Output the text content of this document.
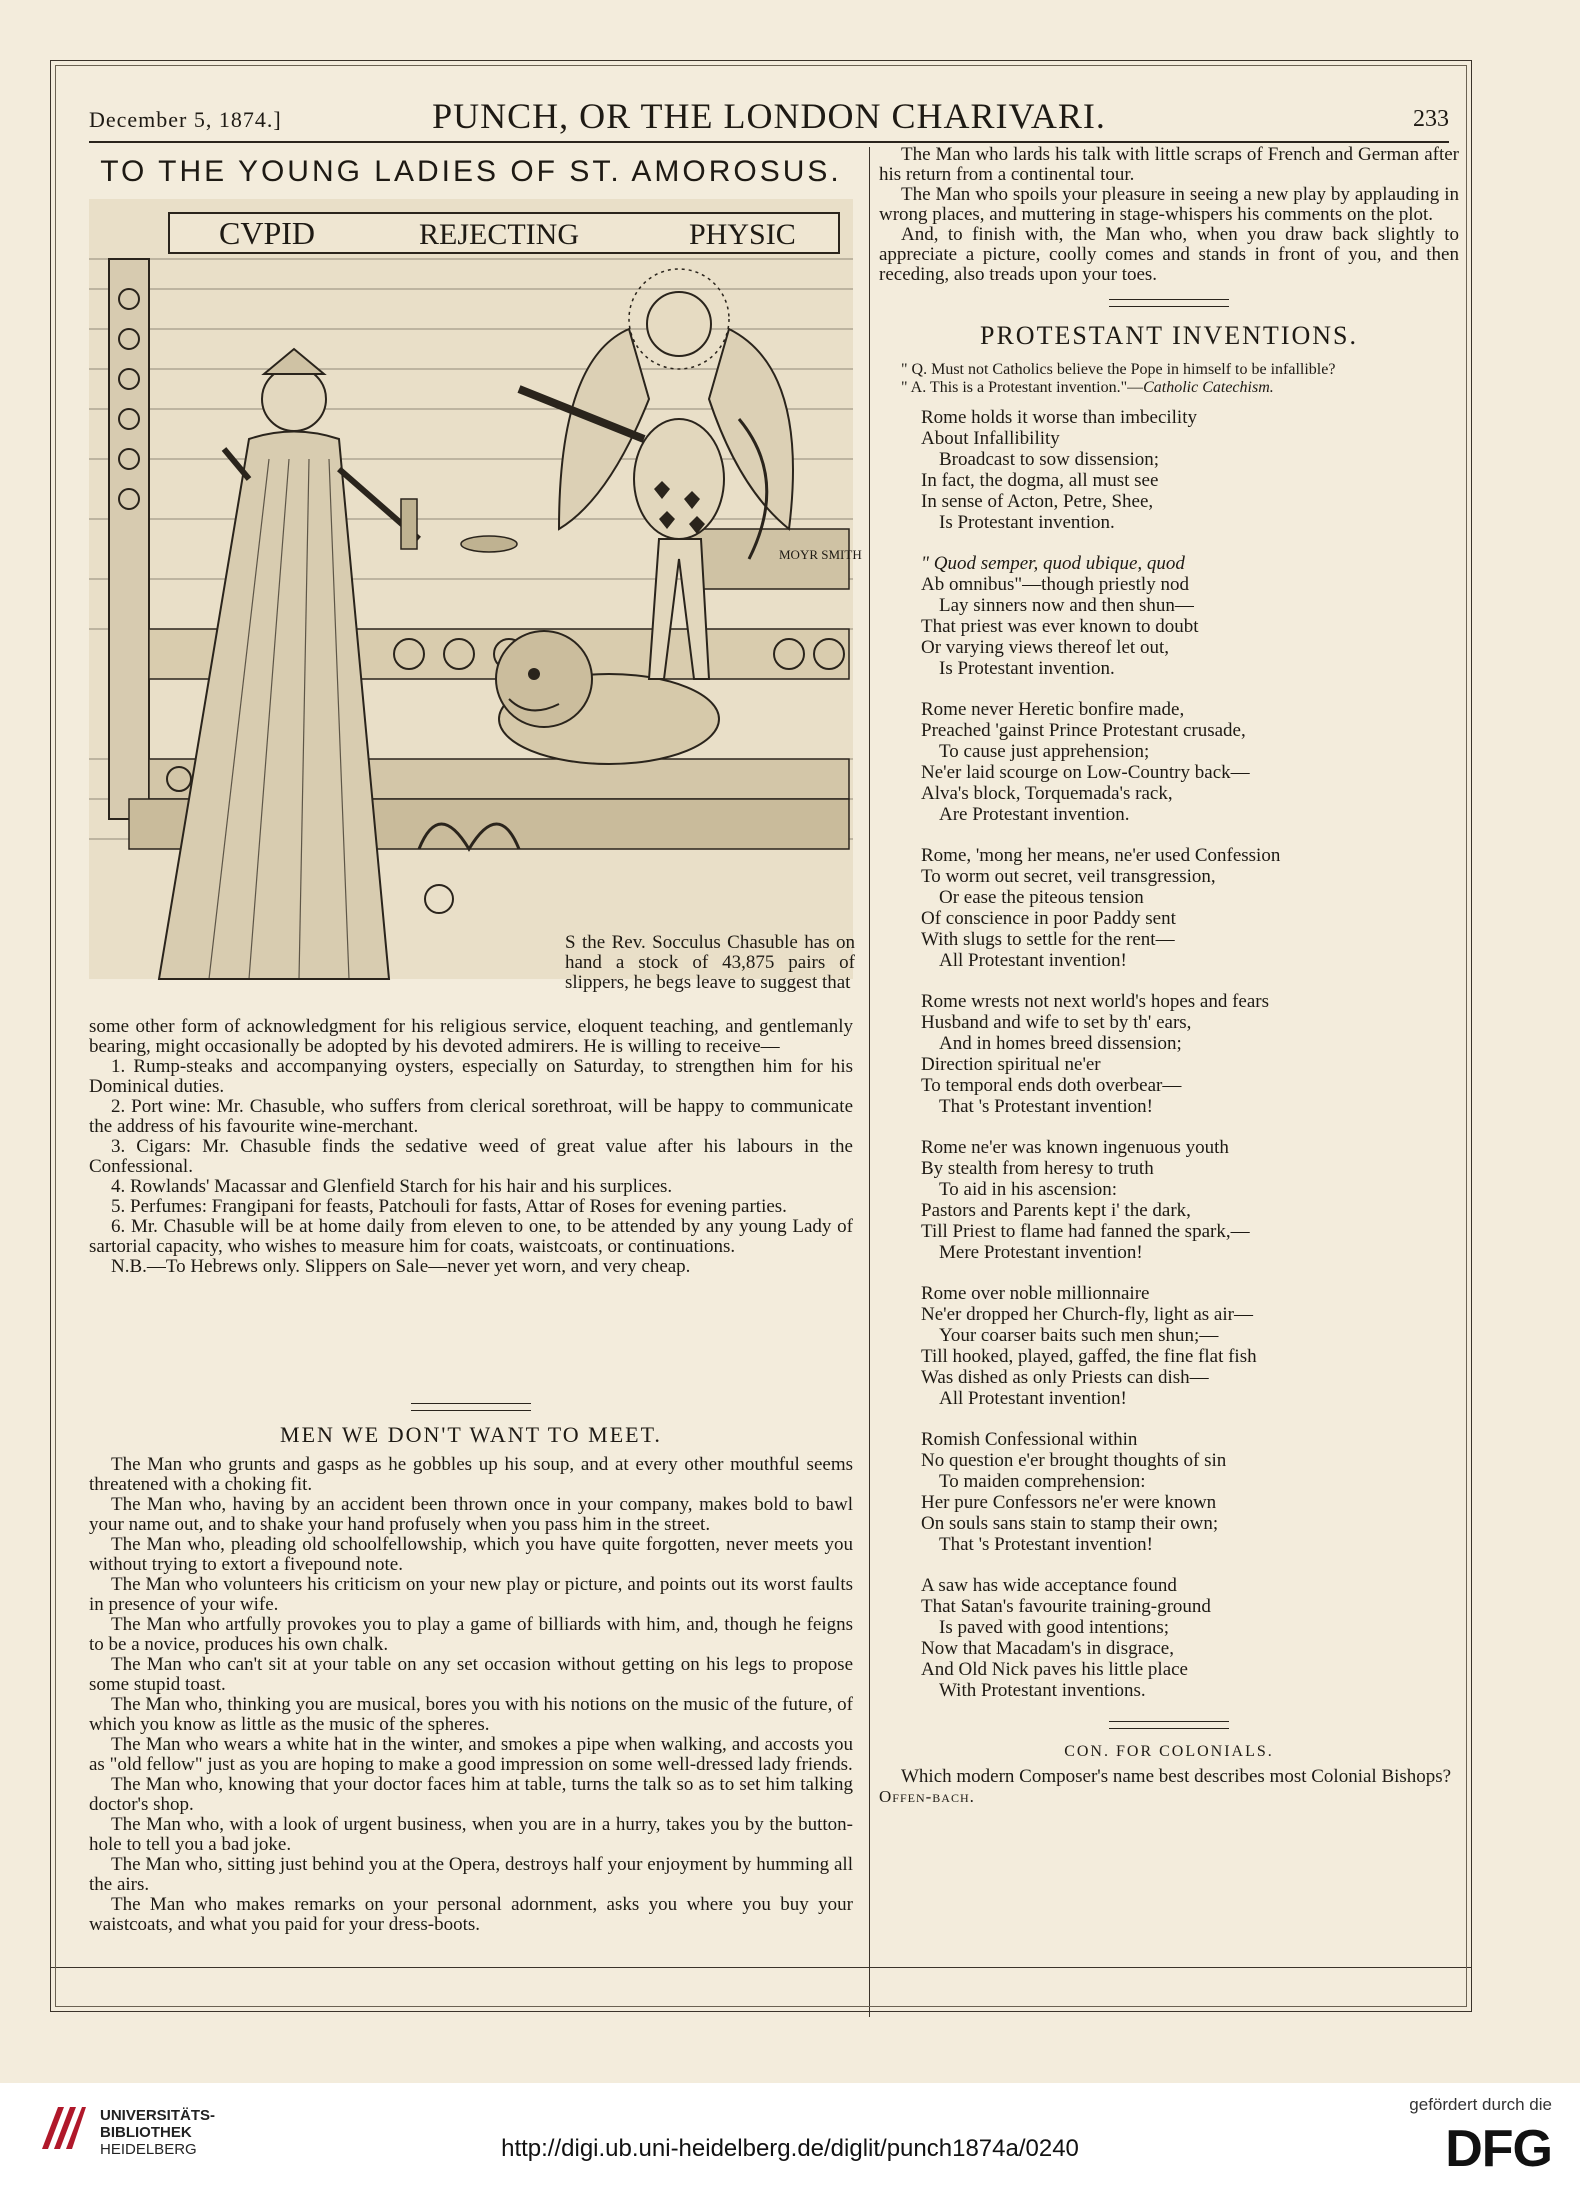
December 5, 1874.]	PUNCH, OR THE LONDON CHARIVARI.	233
TO THE YOUNG LADIES OF ST. AMOROSUS.
CVPID	REJECTING	PHYSIC
MOYR SMITH

S the Rev. Socculus Chasuble has on hand a stock of 43,875 pairs of slippers, he begs leave to suggest that

some other form of acknowledgment for his religious service, eloquent teaching, and gentlemanly bearing, might occasionally be adopted by his devoted admirers. He is willing to receive—

1. Rump-steaks and accompanying oysters, especially on Saturday, to strengthen him for his Dominical duties.

2. Port wine: Mr. Chasuble, who suffers from clerical sorethroat, will be happy to communicate the address of his favourite wine-merchant.

3. Cigars: Mr. Chasuble finds the sedative weed of great value after his labours in the Confessional.

4. Rowlands' Macassar and Glenfield Starch for his hair and his surplices.

5. Perfumes: Frangipani for feasts, Patchouli for fasts, Attar of Roses for evening parties.

6. Mr. Chasuble will be at home daily from eleven to one, to be attended by any young Lady of sartorial capacity, who wishes to measure him for coats, waistcoats, or continuations.

N.B.—To Hebrews only. Slippers on Sale—never yet worn, and very cheap.

MEN WE DON'T WANT TO MEET.

The Man who grunts and gasps as he gobbles up his soup, and at every other mouthful seems threatened with a choking fit.

The Man who, having by an accident been thrown once in your company, makes bold to bawl your name out, and to shake your hand profusely when you pass him in the street.

The Man who, pleading old schoolfellowship, which you have quite forgotten, never meets you without trying to extort a fivepound note.

The Man who volunteers his criticism on your new play or picture, and points out its worst faults in presence of your wife.

The Man who artfully provokes you to play a game of billiards with him, and, though he feigns to be a novice, produces his own chalk.

The Man who can't sit at your table on any set occasion without getting on his legs to propose some stupid toast.

The Man who, thinking you are musical, bores you with his notions on the music of the future, of which you know as little as the music of the spheres.

The Man who wears a white hat in the winter, and smokes a pipe when walking, and accosts you as "old fellow" just as you are hoping to make a good impression on some well-dressed lady friends.

The Man who, knowing that your doctor faces him at table, turns the talk so as to set him talking doctor's shop.

The Man who, with a look of urgent business, when you are in a hurry, takes you by the button-hole to tell you a bad joke.

The Man who, sitting just behind you at the Opera, destroys half your enjoyment by humming all the airs.

The Man who makes remarks on your personal adornment, asks you where you buy your waistcoats, and what you paid for your dress-boots.

The Man who lards his talk with little scraps of French and German after his return from a continental tour.

The Man who spoils your pleasure in seeing a new play by applauding in wrong places, and muttering in stage-whispers his comments on the plot.

And, to finish with, the Man who, when you draw back slightly to appreciate a picture, coolly comes and stands in front of you, and then receding, also treads upon your toes.

PROTESTANT INVENTIONS.

" Q. Must not Catholics believe the Pope in himself to be infallible?

" A. This is a Protestant invention."—Catholic Catechism.

Rome holds it worse than imbecility
About Infallibility
Broadcast to sow dissension;
In fact, the dogma, all must see
In sense of Acton, Petre, Shee,
Is Protestant invention.
" Quod semper, quod ubique, quod
Ab omnibus"—though priestly nod
Lay sinners now and then shun—
That priest was ever known to doubt
Or varying views thereof let out,
Is Protestant invention.
Rome never Heretic bonfire made,
Preached 'gainst Prince Protestant crusade,
To cause just apprehension;
Ne'er laid scourge on Low-Country back—
Alva's block, Torquemada's rack,
Are Protestant invention.
Rome, 'mong her means, ne'er used Confession
To worm out secret, veil transgression,
Or ease the piteous tension
Of conscience in poor Paddy sent
With slugs to settle for the rent—
All Protestant invention!
Rome wrests not next world's hopes and fears
Husband and wife to set by th' ears,
And in homes breed dissension;
Direction spiritual ne'er
To temporal ends doth overbear—
That 's Protestant invention!
Rome ne'er was known ingenuous youth
By stealth from heresy to truth
To aid in his ascension:
Pastors and Parents kept i' the dark,
Till Priest to flame had fanned the spark,—
Mere Protestant invention!
Rome over noble millionnaire
Ne'er dropped her Church-fly, light as air—
Your coarser baits such men shun;—
Till hooked, played, gaffed, the fine flat fish
Was dished as only Priests can dish—
All Protestant invention!
Romish Confessional within
No question e'er brought thoughts of sin
To maiden comprehension:
Her pure Confessors ne'er were known
On souls sans stain to stamp their own;
That 's Protestant invention!
A saw has wide acceptance found
That Satan's favourite training-ground
Is paved with good intentions;
Now that Macadam's in disgrace,
And Old Nick paves his little place
With Protestant inventions.
CON. FOR COLONIALS.

Which modern Composer's name best describes most Colonial Bishops?

Offen-bach.

UNIVERSITÄTS-
BIBLIOTHEK
HEIDELBERG	http://digi.ub.uni-heidelberg.de/diglit/punch1874a/0240
gefördert durch die
DFG
